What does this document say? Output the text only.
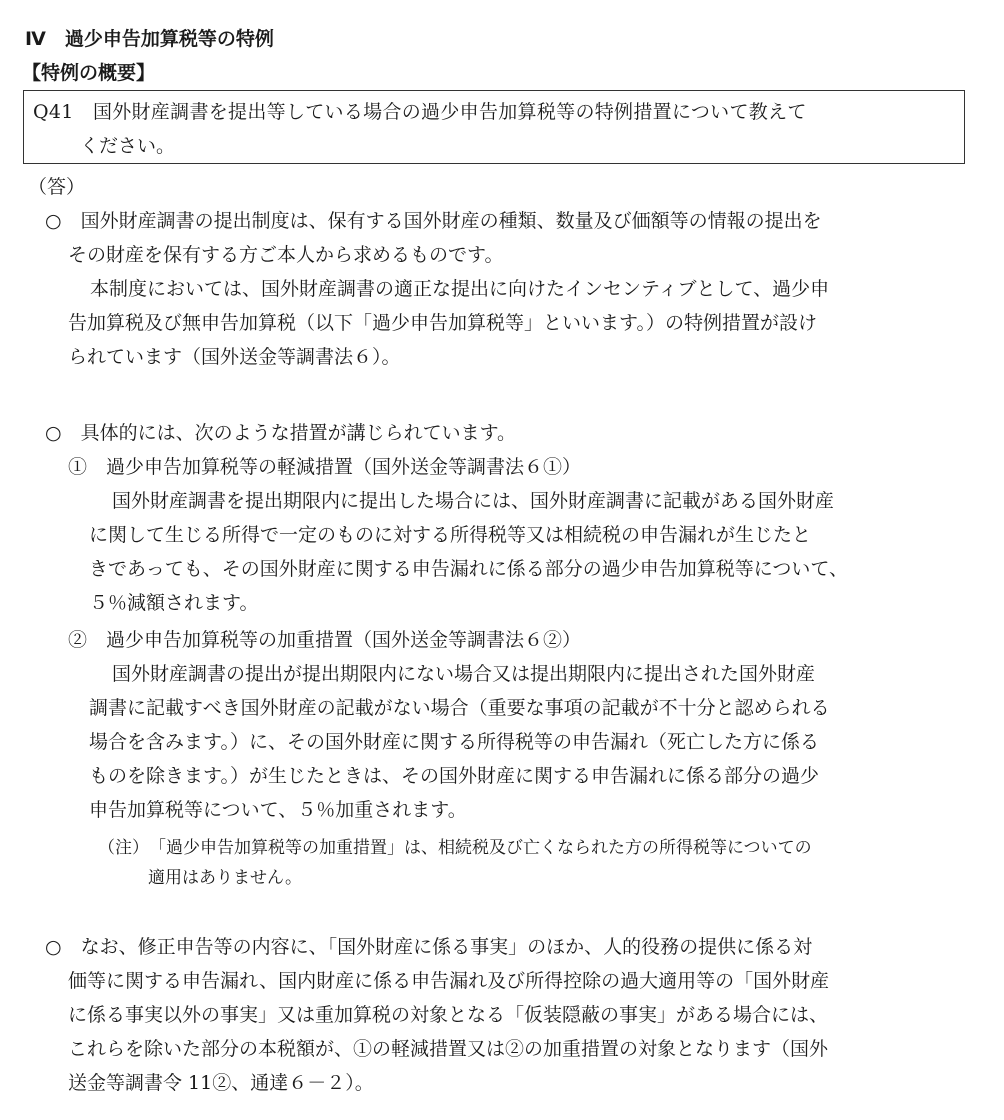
Ⅳ　過少申告加算税等の特例
【特例の概要】
Q41　国外財産調書を提出等している場合の過少申告加算税等の特例措置について教えて
ください。
（答）
○　国外財産調書の提出制度は、保有する国外財産の種類、数量及び価額等の情報の提出を
その財産を保有する方ご本人から求めるものです。
本制度においては、国外財産調書の適正な提出に向けたインセンティブとして、過少申
告加算税及び無申告加算税（以下「過少申告加算税等」といいます。）の特例措置が設け
られています（国外送金等調書法６）。
○　具体的には、次のような措置が講じられています。
①　過少申告加算税等の軽減措置（国外送金等調書法６①）
国外財産調書を提出期限内に提出した場合には、国外財産調書に記載がある国外財産
に関して生じる所得で一定のものに対する所得税等又は相続税の申告漏れが生じたと
きであっても、その国外財産に関する申告漏れに係る部分の過少申告加算税等について、
５％減額されます。
②　過少申告加算税等の加重措置（国外送金等調書法６②）
国外財産調書の提出が提出期限内にない場合又は提出期限内に提出された国外財産
調書に記載すべき国外財産の記載がない場合（重要な事項の記載が不十分と認められる
場合を含みます。）に、その国外財産に関する所得税等の申告漏れ（死亡した方に係る
ものを除きます。）が生じたときは、その国外財産に関する申告漏れに係る部分の過少
申告加算税等について、５％加重されます。
（注）　「過少申告加算税等の加重措置」は、相続税及び亡くなられた方の所得税等についての
適用はありません。
○　なお、修正申告等の内容に、「国外財産に係る事実」のほか、人的役務の提供に係る対
価等に関する申告漏れ、国内財産に係る申告漏れ及び所得控除の過大適用等の「国外財産
に係る事実以外の事実」又は重加算税の対象となる「仮装隠蔽の事実」がある場合には、
これらを除いた部分の本税額が、①の軽減措置又は②の加重措置の対象となります（国外
送金等調書令 11②、通達６－２）。
